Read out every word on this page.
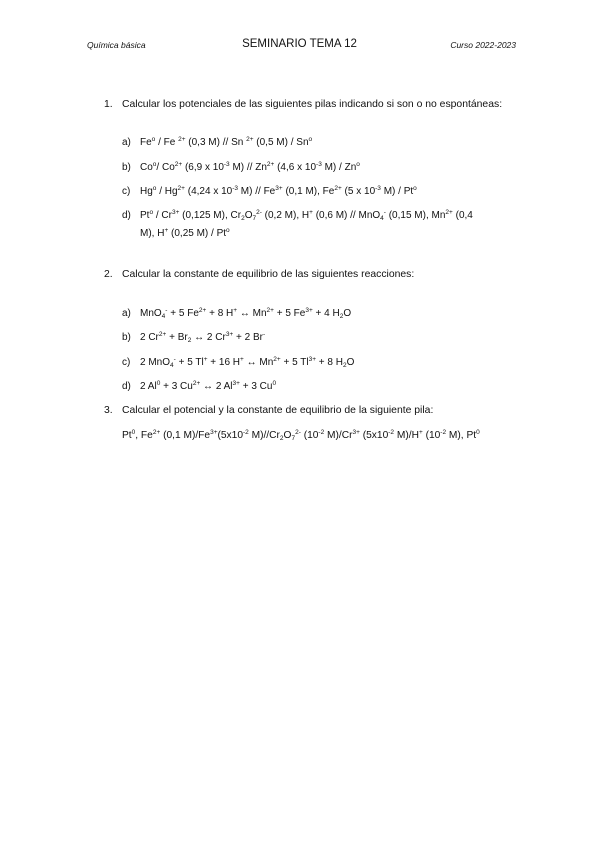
Química básica	SEMINARIO TEMA 12	Curso 2022-2023
1. Calcular los potenciales de las siguientes pilas indicando si son o no espontáneas:
a) Fe$^o$ / Fe $^{2+}$ (0,3 M) // Sn $^{2+}$ (0,5 M) / Sn$^o$
b) Co$^o$/ $Co^{2+}$ (6,9 x $10^{-3}$ $M) // Zn^{2+}$ (4,6 x $10^{-3}$ M) / Zn$^o$
c) $Hg^o / Hg^{2+}$ (4,24 x $10^{-3}$ $M) // Fe^{3+}$ (0,1 M), $Fe^{2+}$ (5 x $10^{-3}$ M) / Pt$^o$
d) $Pt^o / Cr^{3+}$ (0,125 M), $Cr_2O_7^{2-}$ (0,2 M), H+ (0,6 M) // MnO$_4$- (0,15 M), $Mn^{2+}$ (0,4 M), H+ (0,25 M) / Pt$^o$
2. Calcular la constante de equilibrio de las siguientes reacciones:
a) MnO$_4$- + 5 $Fe^{2+} + 8$ H+ ↔ $Mn^{2+} + 5$ $Fe^{3+} + 4$ $H_2O$
b) 2 $Cr^{2+} + Br_2$ ↔ 2 $Cr^{3+} + 2$ Br-
c) 2 MnO$_4$- + 5 Tl+ + 16 H+ ↔ $Mn^{2+} + 5$ $Tl^{3+} + 8$ $H_2O$
d) 2 $Al^0 + 3$ $Cu^{2+}$ ↔ 2 $Al^{3+} + 3$ Cu$^0$
3. Calcular el potencial y la constante de equilibrio de la siguiente pila:
Pt$^0$, $Fe^{2+}$ (0,1 $M)/Fe^{3+}(5x10^{-2}$ $M)//Cr_2O_7^{2-}$ ($10^{-2}$ $M)/Cr^{3+}$ ($5x10^{-2}$ M)/H+ ($10^{-2}$ M), Pt$^0$
